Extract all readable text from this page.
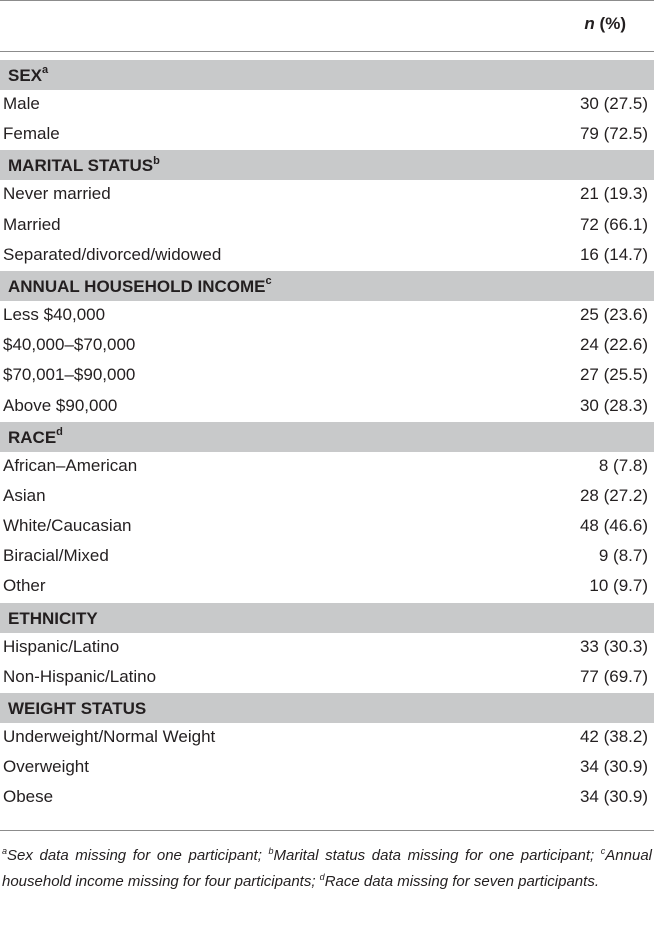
n (%)
SEX$^a$
Male	30 (27.5)
Female	79 (72.5)
MARITAL STATUS$^b$
Never married	21 (19.3)
Married	72 (66.1)
Separated/divorced/widowed	16 (14.7)
ANNUAL HOUSEHOLD INCOME$^c$
Less $40,000	25 (23.6)
$40,000–$70,000	24 (22.6)
$70,001–$90,000	27 (25.5)
Above $90,000	30 (28.3)
RACE$^d$
African–American	8 (7.8)
Asian	28 (27.2)
White/Caucasian	48 (46.6)
Biracial/Mixed	9 (8.7)
Other	10 (9.7)
ETHNICITY
Hispanic/Latino	33 (30.3)
Non-Hispanic/Latino	77 (69.7)
WEIGHT STATUS
Underweight/Normal Weight	42 (38.2)
Overweight	34 (30.9)
Obese	34 (30.9)
$^a$Sex data missing for one participant; $^b$Marital status data missing for one participant; $^c$Annual household income missing for four participants; $^d$Race data missing for seven participants.
